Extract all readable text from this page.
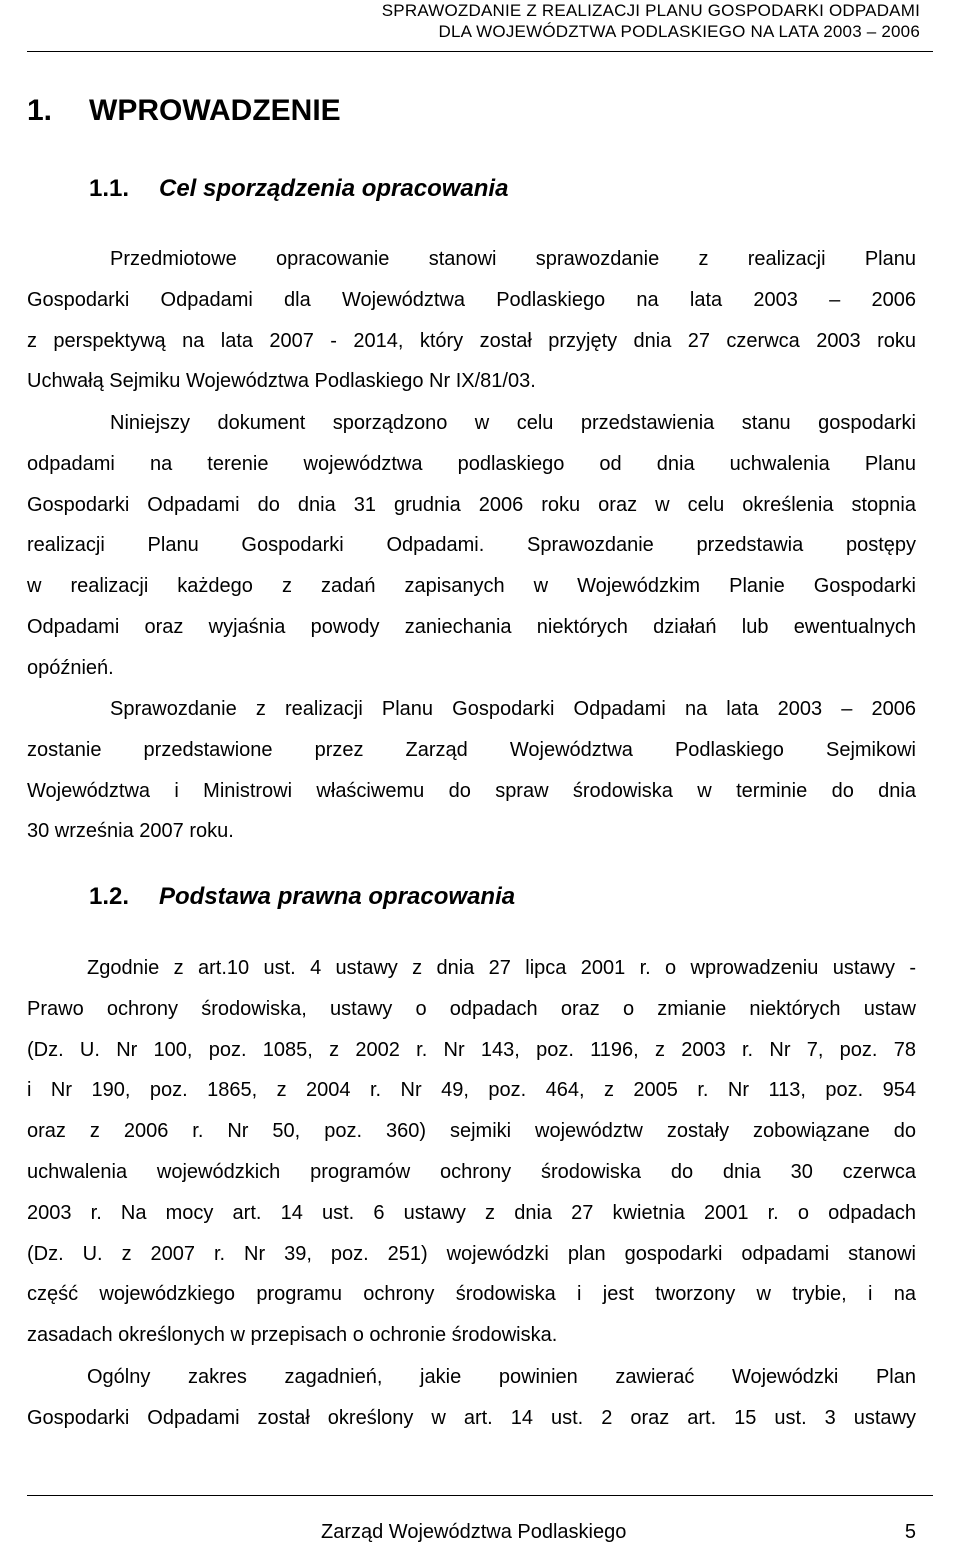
SPRAWOZDANIE Z REALIZACJI PLANU GOSPODARKI ODPADAMI
DLA WOJEWÓDZTWA PODLASKIEGO NA LATA 2003 – 2006
1. WPROWADZENIE
1.1. Cel sporządzenia opracowania
Przedmiotowe opracowanie stanowi sprawozdanie z realizacji Planu
Gospodarki Odpadami dla Województwa Podlaskiego na lata 2003 – 2006
z perspektywą na lata 2007 - 2014, który został przyjęty dnia 27 czerwca 2003 roku
Uchwałą Sejmiku Województwa Podlaskiego Nr IX/81/03.
Niniejszy dokument sporządzono w celu przedstawienia stanu gospodarki
odpadami na terenie województwa podlaskiego od dnia uchwalenia Planu
Gospodarki Odpadami do dnia 31 grudnia 2006 roku oraz w celu określenia stopnia
realizacji Planu Gospodarki Odpadami. Sprawozdanie przedstawia postępy
w realizacji każdego z zadań zapisanych w Wojewódzkim Planie Gospodarki
Odpadami oraz wyjaśnia powody zaniechania niektórych działań lub ewentualnych
opóźnień.
Sprawozdanie z realizacji Planu Gospodarki Odpadami na lata 2003 – 2006
zostanie przedstawione przez Zarząd Województwa Podlaskiego Sejmikowi
Województwa i Ministrowi właściwemu do spraw środowiska w terminie do dnia
30 września 2007 roku.
1.2. Podstawa prawna opracowania
Zgodnie z art.10 ust. 4 ustawy z dnia 27 lipca 2001 r. o wprowadzeniu ustawy -
Prawo ochrony środowiska, ustawy o odpadach oraz o zmianie niektórych ustaw
(Dz. U. Nr 100, poz. 1085, z 2002 r. Nr 143, poz. 1196, z 2003 r. Nr 7, poz. 78
i Nr 190, poz. 1865, z 2004 r. Nr 49, poz. 464, z 2005 r. Nr 113, poz. 954
oraz z 2006 r. Nr 50, poz. 360) sejmiki województw zostały zobowiązane do
uchwalenia wojewódzkich programów ochrony środowiska do dnia 30 czerwca
2003 r. Na mocy art. 14 ust. 6 ustawy z dnia 27 kwietnia 2001 r. o odpadach
(Dz. U. z 2007 r. Nr 39, poz. 251) wojewódzki plan gospodarki odpadami stanowi
część wojewódzkiego programu ochrony środowiska i jest tworzony w trybie, i na
zasadach określonych w przepisach o ochronie środowiska.
Ogólny zakres zagadnień, jakie powinien zawierać Wojewódzki Plan
Gospodarki Odpadami został określony w art. 14 ust. 2 oraz art. 15 ust. 3 ustawy
Zarząd Województwa Podlaskiego	5
